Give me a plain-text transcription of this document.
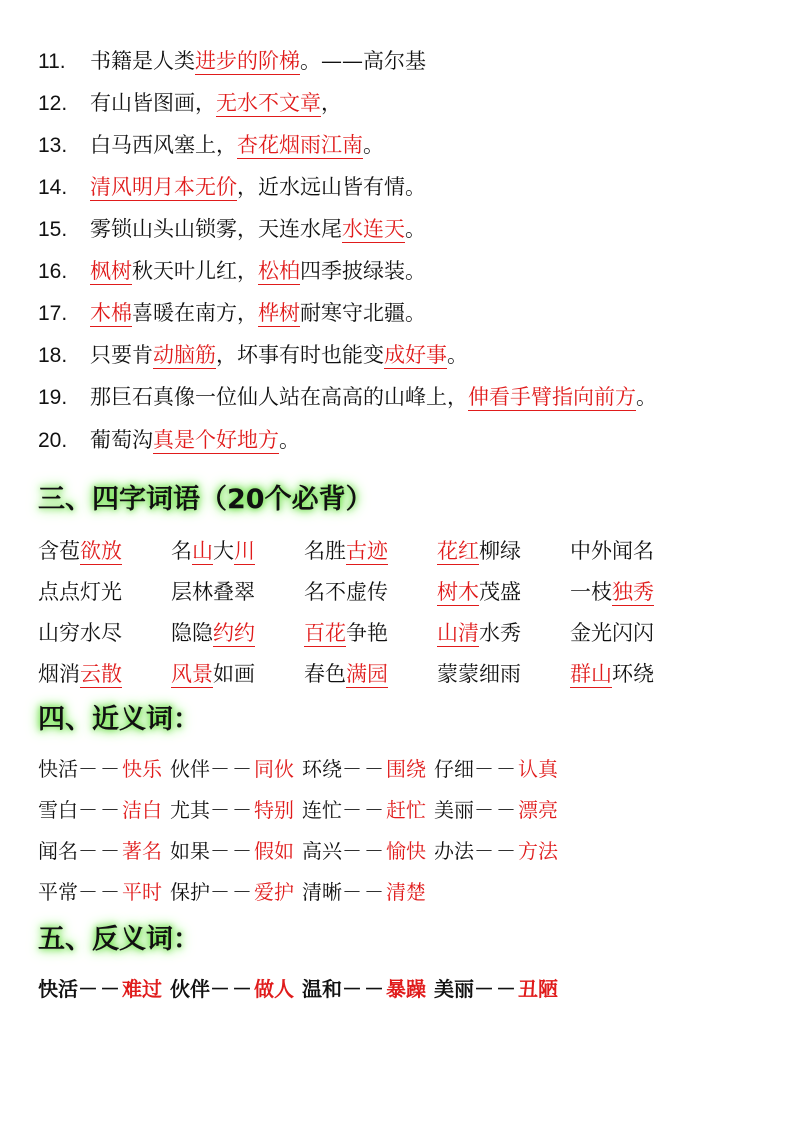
11. 书籍是人类进步的阶梯。——高尔基
12. 有山皆图画，无水不文章，
13. 白马西风塞上，杏花烟雨江南。
14. 清风明月本无价，近水远山皆有情。
15. 雾锁山头山锁雾，天连水尾水连天。
16. 枫树秋天叶儿红，松柏四季披绿装。
17. 木棉喜暖在南方，桦树耐寒守北疆。
18. 只要肯动脑筋，坏事有时也能变成好事。
19. 那巨石真像一位仙人站在高高的山峰上，伸看手臂指向前方。
20. 葡萄沟真是个好地方。
三、四字词语（20个必背）
含苞欲放	名山大川	名胜古迹	花红柳绿	中外闻名
点点灯光	层林叠翠	名不虚传	树木茂盛	一枝独秀
山穷水尽	隐隐约约	百花争艳	山清水秀	金光闪闪
烟消云散	风景如画	春色满园	蒙蒙细雨	群山环绕
四、近义词：
快活－－快乐 伙伴－－同伙 环绕－－围绕 仔细－－认真
雪白－－洁白 尤其－－特别 连忙－－赶忙 美丽－－漂亮
闻名－－著名 如果－－假如 高兴－－愉快 办法－－方法
平常－－平时 保护－－爱护 清晰－－清楚
五、反义词：
快活－－难过 伙伴－－做人 温和－－暴躁 美丽－－丑陋
